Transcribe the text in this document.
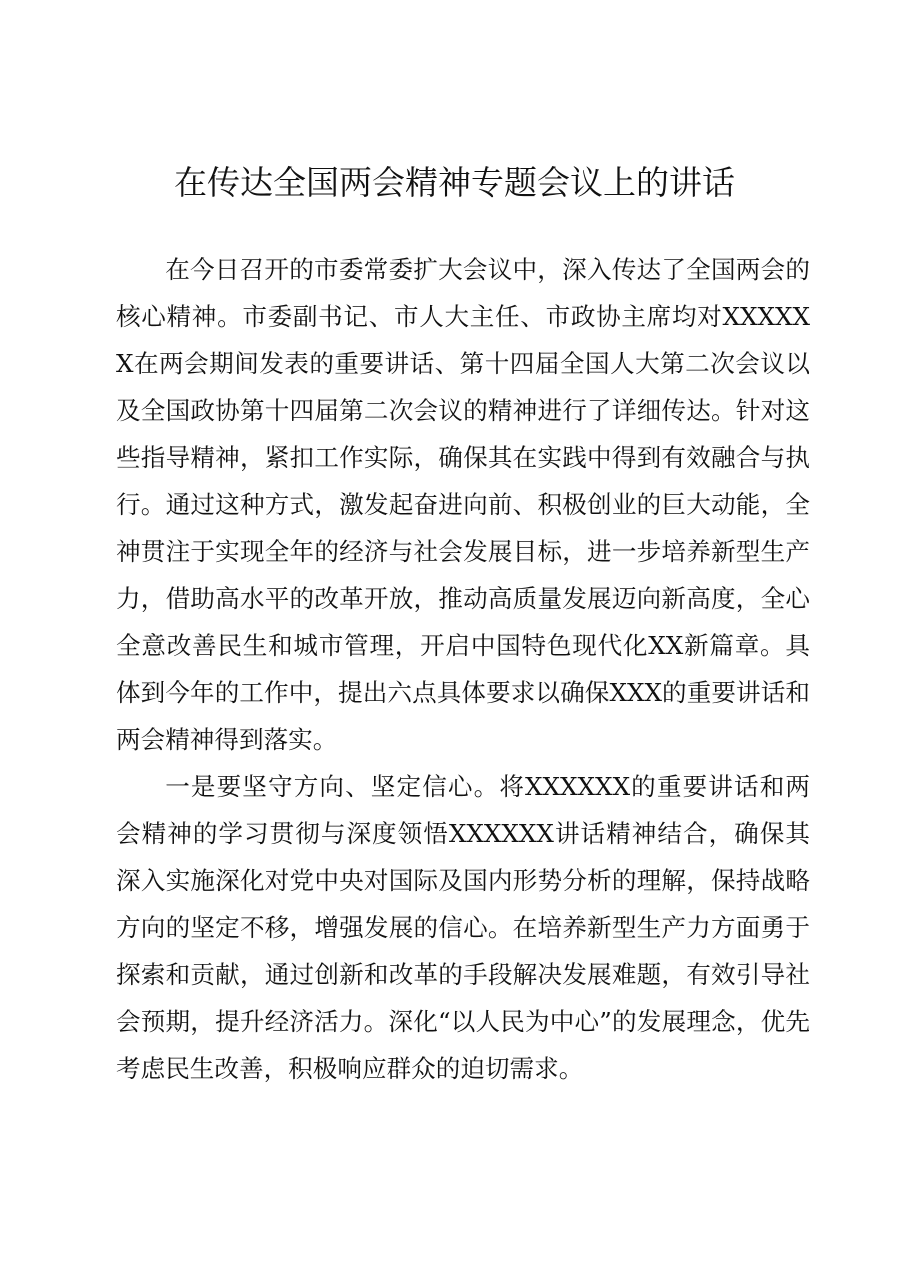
在传达全国两会精神专题会议上的讲话

在今日召开的市委常委扩大会议中，深入传达了全国两会的核心精神。市委副书记、市人大主任、市政协主席均对XXXXXX在两会期间发表的重要讲话、第十四届全国人大第二次会议以及全国政协第十四届第二次会议的精神进行了详细传达。针对这些指导精神，紧扣工作实际，确保其在实践中得到有效融合与执行。通过这种方式，激发起奋进向前、积极创业的巨大动能，全神贯注于实现全年的经济与社会发展目标，进一步培养新型生产力，借助高水平的改革开放，推动高质量发展迈向新高度，全心全意改善民生和城市管理，开启中国特色现代化XX新篇章。具体到今年的工作中，提出六点具体要求以确保XXX的重要讲话和两会精神得到落实。

一是要坚守方向、坚定信心。将XXXXXX的重要讲话和两会精神的学习贯彻与深度领悟XXXXXX讲话精神结合，确保其深入实施深化对党中央对国际及国内形势分析的理解，保持战略方向的坚定不移，增强发展的信心。在培养新型生产力方面勇于探索和贡献，通过创新和改革的手段解决发展难题，有效引导社会预期，提升经济活力。深化“以人民为中心”的发展理念，优先考虑民生改善，积极响应群众的迫切需求。
